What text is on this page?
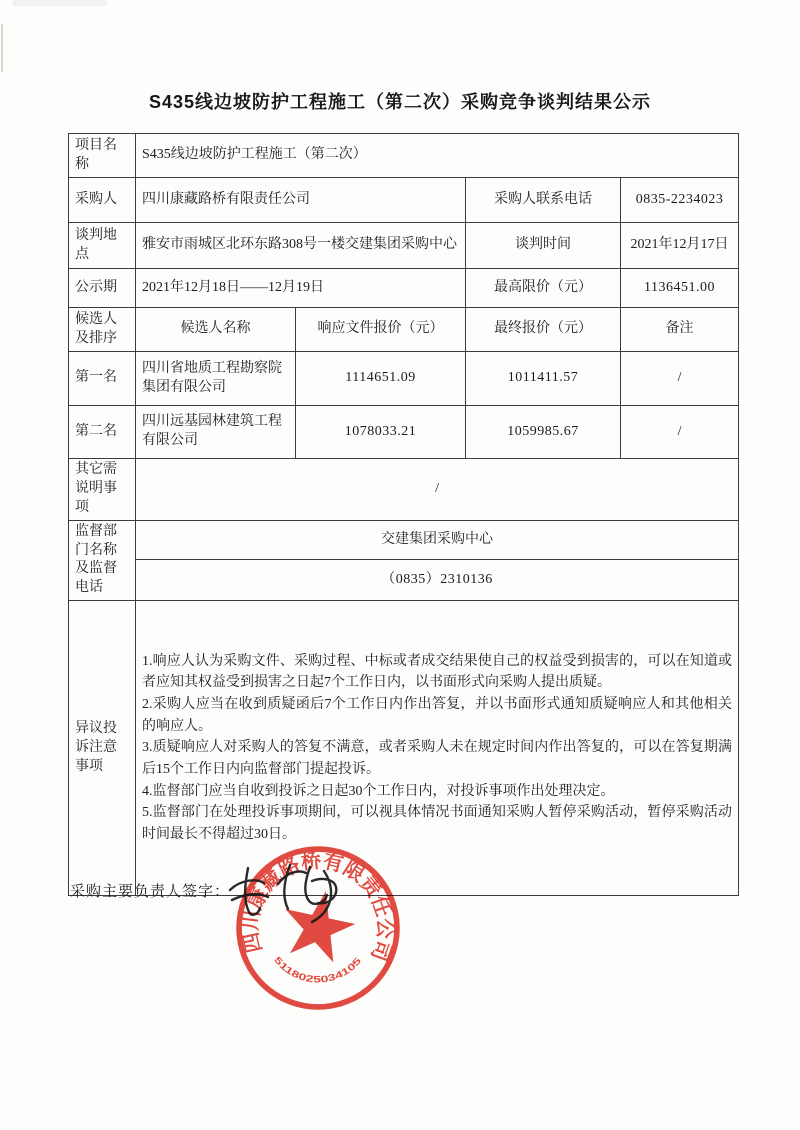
S435线边坡防护工程施工（第二次）采购竞争谈判结果公示
项目名称	S435线边坡防护工程施工（第二次）			
采购人	四川康藏路桥有限责任公司		采购人联系电话	0835-2234023
谈判地点	雅安市雨城区北环东路308号一楼交建集团采购中心		谈判时间	2021年12月17日
公示期	2021年12月18日——12月19日		最高限价（元）	1136451.00
候选人及排序	候选人名称	响应文件报价（元）	最终报价（元）	备注
第一名	四川省地质工程勘察院集团有限公司	1114651.09	1011411.57	/
第二名	四川远基园林建筑工程有限公司	1078033.21	1059985.67	/
其它需说明事项	/			
监督部门名称及监督电话	交建集团采购中心			
	（0835）2310136			
异议投诉注意事项	1.响应人认为采购文件、采购过程、中标或者成交结果使自己的权益受到损害的，可以在知道或者应知其权益受到损害之日起7个工作日内，以书面形式向采购人提出质疑。

2.采购人应当在收到质疑函后7个工作日内作出答复，并以书面形式通知质疑响应人和其他相关的响应人。

3.质疑响应人对采购人的答复不满意，或者采购人未在规定时间内作出答复的，可以在答复期满后15个工作日内向监督部门提起投诉。

4.监督部门应当自收到投诉之日起30个工作日内，对投诉事项作出处理决定。

5.监督部门在处理投诉事项期间，可以视具体情况书面通知采购人暂停采购活动，暂停采购活动时间最长不得超过30日。			

采购主要负责人签字：
四川康藏路桥有限责任公司
5118025034105
